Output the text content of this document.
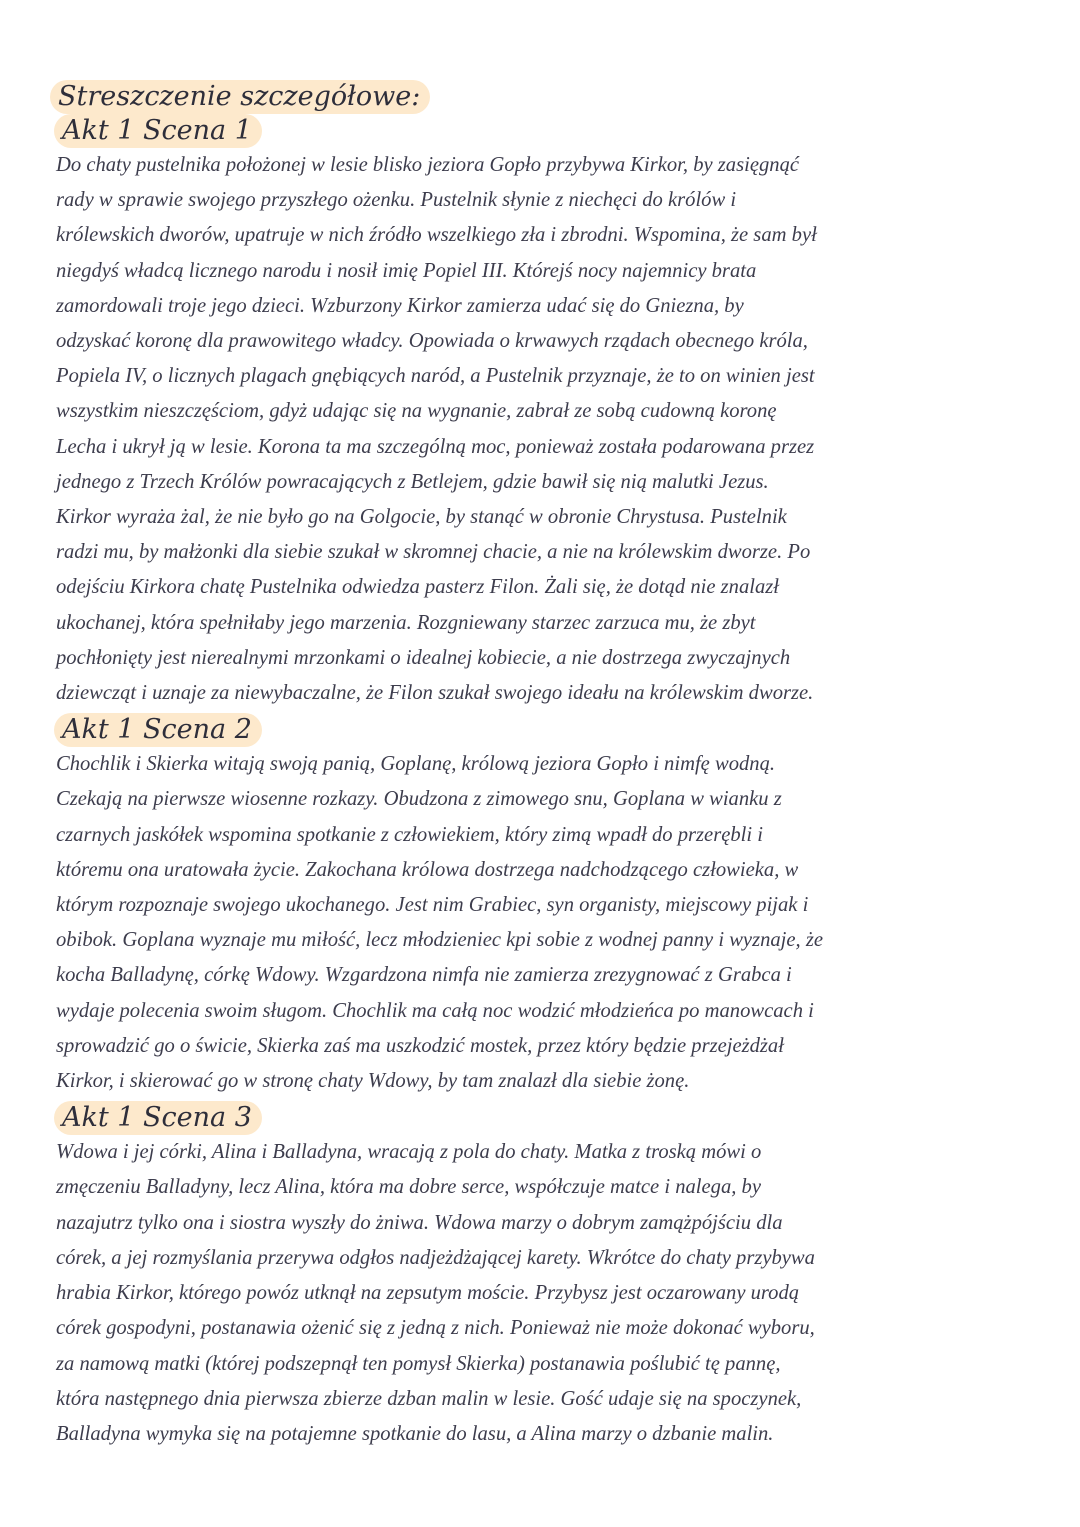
Streszczenie szczegółowe:
Akt 1 Scena 1
Do chaty pustelnika położonej w lesie blisko jeziora Gopło przybywa Kirkor, by zasięgnąć
rady w sprawie swojego przyszłego ożenku. Pustelnik słynie z niechęci do królów i
królewskich dworów, upatruje w nich źródło wszelkiego zła i zbrodni. Wspomina, że sam był
niegdyś władcą licznego narodu i nosił imię Popiel III. Którejś nocy najemnicy brata
zamordowali troje jego dzieci. Wzburzony Kirkor zamierza udać się do Gniezna, by
odzyskać koronę dla prawowitego władcy. Opowiada o krwawych rządach obecnego króla,
Popiela IV, o licznych plagach gnębiących naród, a Pustelnik przyznaje, że to on winien jest
wszystkim nieszczęściom, gdyż udając się na wygnanie, zabrał ze sobą cudowną koronę
Lecha i ukrył ją w lesie. Korona ta ma szczególną moc, ponieważ została podarowana przez
jednego z Trzech Królów powracających z Betlejem, gdzie bawił się nią malutki Jezus.
Kirkor wyraża żal, że nie było go na Golgocie, by stanąć w obronie Chrystusa. Pustelnik
radzi mu, by małżonki dla siebie szukał w skromnej chacie, a nie na królewskim dworze. Po
odejściu Kirkora chatę Pustelnika odwiedza pasterz Filon. Żali się, że dotąd nie znalazł
ukochanej, która spełniłaby jego marzenia. Rozgniewany starzec zarzuca mu, że zbyt
pochłonięty jest nierealnymi mrzonkami o idealnej kobiecie, a nie dostrzega zwyczajnych
dziewcząt i uznaje za niewybaczalne, że Filon szukał swojego ideału na królewskim dworze.
Akt 1 Scena 2
Chochlik i Skierka witają swoją panią, Goplanę, królową jeziora Gopło i nimfę wodną.
Czekają na pierwsze wiosenne rozkazy. Obudzona z zimowego snu, Goplana w wianku z
czarnych jaskółek wspomina spotkanie z człowiekiem, który zimą wpadł do przerębli i
któremu ona uratowała życie. Zakochana królowa dostrzega nadchodzącego człowieka, w
którym rozpoznaje swojego ukochanego. Jest nim Grabiec, syn organisty, miejscowy pijak i
obibok. Goplana wyznaje mu miłość, lecz młodzieniec kpi sobie z wodnej panny i wyznaje, że
kocha Balladynę, córkę Wdowy. Wzgardzona nimfa nie zamierza zrezygnować z Grabca i
wydaje polecenia swoim sługom. Chochlik ma całą noc wodzić młodzieńca po manowcach i
sprowadzić go o świcie, Skierka zaś ma uszkodzić mostek, przez który będzie przejeżdżał
Kirkor, i skierować go w stronę chaty Wdowy, by tam znalazł dla siebie żonę.
Akt 1 Scena 3
Wdowa i jej córki, Alina i Balladyna, wracają z pola do chaty. Matka z troską mówi o
zmęczeniu Balladyny, lecz Alina, która ma dobre serce, współczuje matce i nalega, by
nazajutrz tylko ona i siostra wyszły do żniwa. Wdowa marzy o dobrym zamążpójściu dla
córek, a jej rozmyślania przerywa odgłos nadjeżdżającej karety. Wkrótce do chaty przybywa
hrabia Kirkor, którego powóz utknął na zepsutym moście. Przybysz jest oczarowany urodą
córek gospodyni, postanawia ożenić się z jedną z nich. Ponieważ nie może dokonać wyboru,
za namową matki (której podszepnął ten pomysł Skierka) postanawia poślubić tę pannę,
która następnego dnia pierwsza zbierze dzban malin w lesie. Gość udaje się na spoczynek,
Balladyna wymyka się na potajemne spotkanie do lasu, a Alina marzy o dzbanie malin.
